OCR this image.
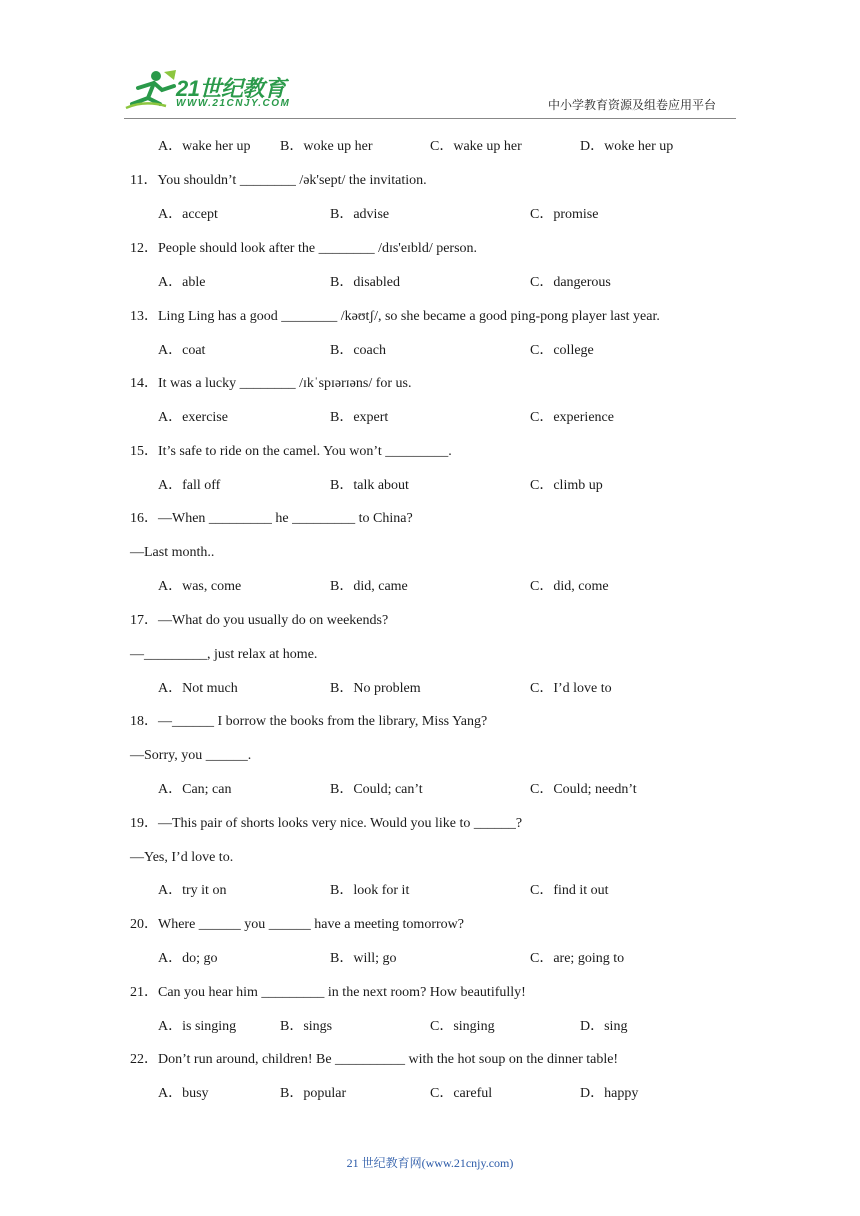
21世纪教育
WWW.21CNJY.COM	中小学教育资源及组卷应用平台
A．wake her up B．woke up her	C．wake up her	D．woke her up
11．You shouldn’t ________ /ək'sept/ the invitation.
A．accept	B．advise	C．promise
12．People should look after the ________ /dɪs'eɪbld/ person.
A．able	B．disabled	C．dangerous
13．Ling Ling has a good ________ /kəʊtʃ/, so she became a good ping-pong player last year.
A．coat	B．coach	C．college
14．It was a lucky ________ /ɪkˈspɪərɪəns/ for us.
A．exercise	B．expert	C．experience
15．It’s safe to ride on the camel. You won’t _________.
A．fall off	B．talk about	C．climb up
16．—When _________ he _________ to China?
—Last month..
A．was, come	B．did, came	C．did, come
17．—What do you usually do on weekends?
—_________, just relax at home.
A．Not much	B．No problem	C．I’d love to
18．—______ I borrow the books from the library, Miss Yang?
—Sorry, you ______.
A．Can; can	B．Could; can’t	C．Could; needn’t
19．—This pair of shorts looks very nice. Would you like to ______?
—Yes, I’d love to.
A．try it on	B．look for it	C．find it out
20．Where ______ you ______ have a meeting tomorrow?
A．do; go	B．will; go	C．are; going to
21．Can you hear him _________ in the next room? How beautifully!
A．is singing	B．sings	C．singing	D．sing
22．Don’t run around, children! Be __________ with the hot soup on the dinner table!
A．busy	B．popular	C．careful	D．happy
21 世纪教育网(www.21cnjy.com)
